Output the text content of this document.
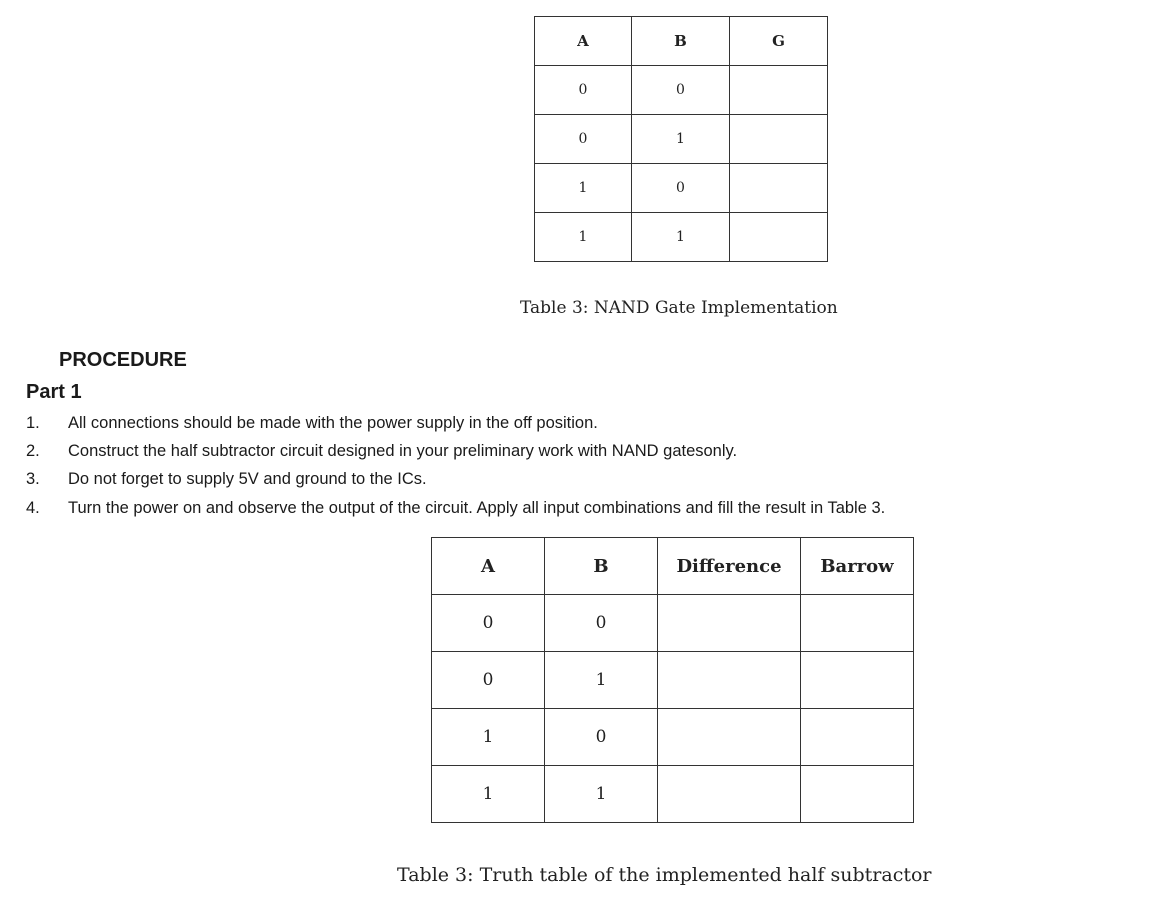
A	B	G
0	0	
0	1	
1	0	
1	1	
Table 3: NAND Gate Implementation
PROCEDURE
Part 1
1. All connections should be made with the power supply in the off position.
2. Construct the half subtractor circuit designed in your preliminary work with NAND gatesonly.
3. Do not forget to supply 5V and ground to the ICs.
4. Turn the power on and observe the output of the circuit. Apply all input combinations and fill the result in Table 3.
A	B	Difference	Barrow
0	0		
0	1		
1	0		
1	1		
Table 3: Truth table of the implemented half subtractor
